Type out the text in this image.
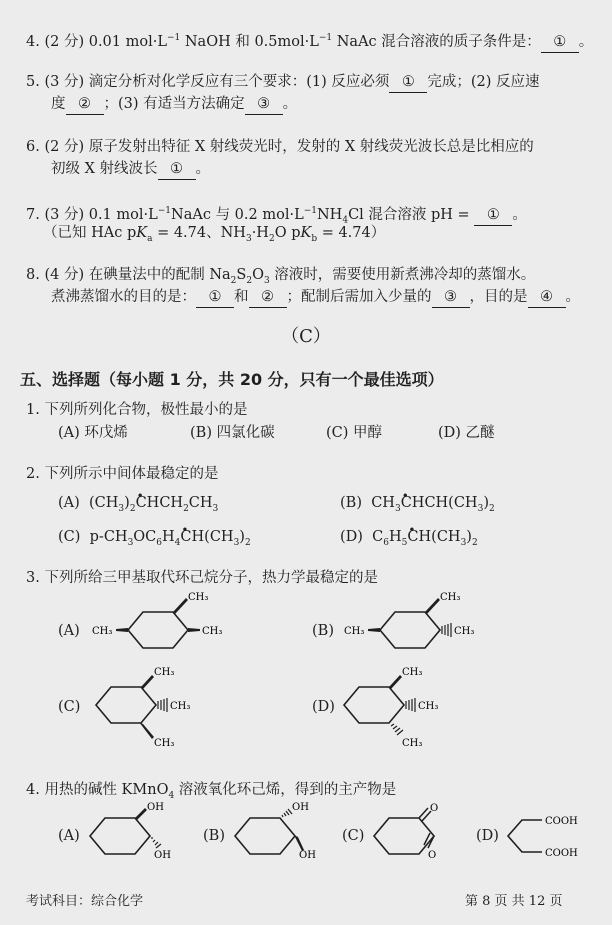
4. (2 分) 0.01 $mol\cdot L^{-1}$ NaOH 和 $0.5mol\cdot L^{-1}$ NaAc 混合溶液的质子条件是： ① 。
5. (3 分) 滴定分析对化学反应有三个要求：(1) 反应必须 ① 完成；(2) 反应速
度 ② ；(3) 有适当方法确定 ③ 。
6. (2 分) 原子发射出特征 X 射线荧光时，发射的 X 射线荧光波长总是比相应的
初级 X 射线波长 ① 。
7. (3 分) 0.1 $mol\cdot L^{-1}NaAc$ 与 0.2 $mol\cdot L^{-1}NH_4Cl$ 混合溶液 pH = ① 。
（已知 HAc $pK_a = 4.74$、$NH_3\cdot H_2O$ $pK_b = 4.74$）
8. (4 分) 在碘量法中的配制 $Na_2S_2O_3$ 溶液时，需要使用新煮沸冷却的蒸馏水。
煮沸蒸馏水的目的是： ① 和 ② ；配制后需加入少量的 ③ ，目的是 ④ 。
（C）
五、选择题（每小题 1 分，共 20 分，只有一个最佳选项）
1. 下列所列化合物，极性最小的是
(A) 环戊烯	(B) 四氯化碳	(C) 甲醇	(D) 乙醚
2. 下列所示中间体最稳定的是
(A) $(CH_3)_2•$ $CHCH_2CH_3$	(B) $CH_3•$ $CHCH(CH_3)_2$
(C) $p-CH_3OC_6H_4•$ $CH(CH_3)_2$	(D) $C_6H_5•$ $CH(CH_3)_2$
3. 下列所给三甲基取代环己烷分子，热力学最稳定的是
(A) CH₃
CH₃
CH₃	(B) CH₃
CH₃
CH₃
(C)
CH₃
CH₃
CH₃
(D)
CH₃
CH₃
CH₃
4. 用热的碱性 KMnO$_4$ 溶液氧化环己烯，得到的主产物是
(A)
OH
OH
(B)
OH
OH
(C)
O
O
(D)
COOH
COOH
考试科目：综合化学	第 8 页 共 12 页
